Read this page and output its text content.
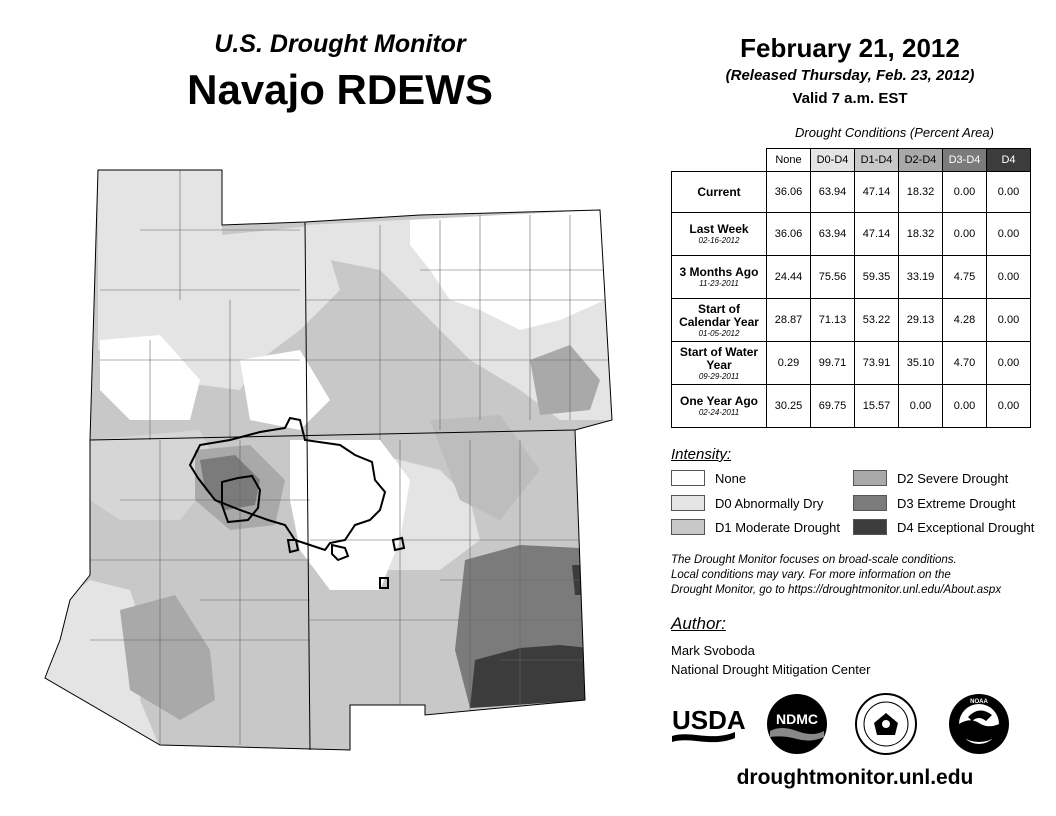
U.S. Drought Monitor
Navajo RDEWS
February 21, 2012
(Released Thursday, Feb. 23, 2012)
Valid 7 a.m. EST
Drought Conditions (Percent Area)
	None	D0-D4	D1-D4	D2-D4	D3-D4	D4
Current	36.06	63.94	47.14	18.32	0.00	0.00
Last Week
02-16-2012	36.06	63.94	47.14	18.32	0.00	0.00
3 Months Ago
11-23-2011	24.44	75.56	59.35	33.19	4.75	0.00
Start of Calendar Year
01-05-2012	28.87	71.13	53.22	29.13	4.28	0.00
Start of Water Year
09-29-2011	0.29	99.71	73.91	35.10	4.70	0.00
One Year Ago
02-24-2011	30.25	69.75	15.57	0.00	0.00	0.00
Intensity:
None
D0 Abnormally Dry
D1 Moderate Drought
D2 Severe Drought
D3 Extreme Drought
D4 Exceptional Drought
The Drought Monitor focuses on broad-scale conditions.
Local conditions may vary. For more information on the
Drought Monitor, go to https://droughtmonitor.unl.edu/About.aspx
Author:
Mark Svoboda
National Drought Mitigation Center
USDA NDMC
NOAA
droughtmonitor.unl.edu
